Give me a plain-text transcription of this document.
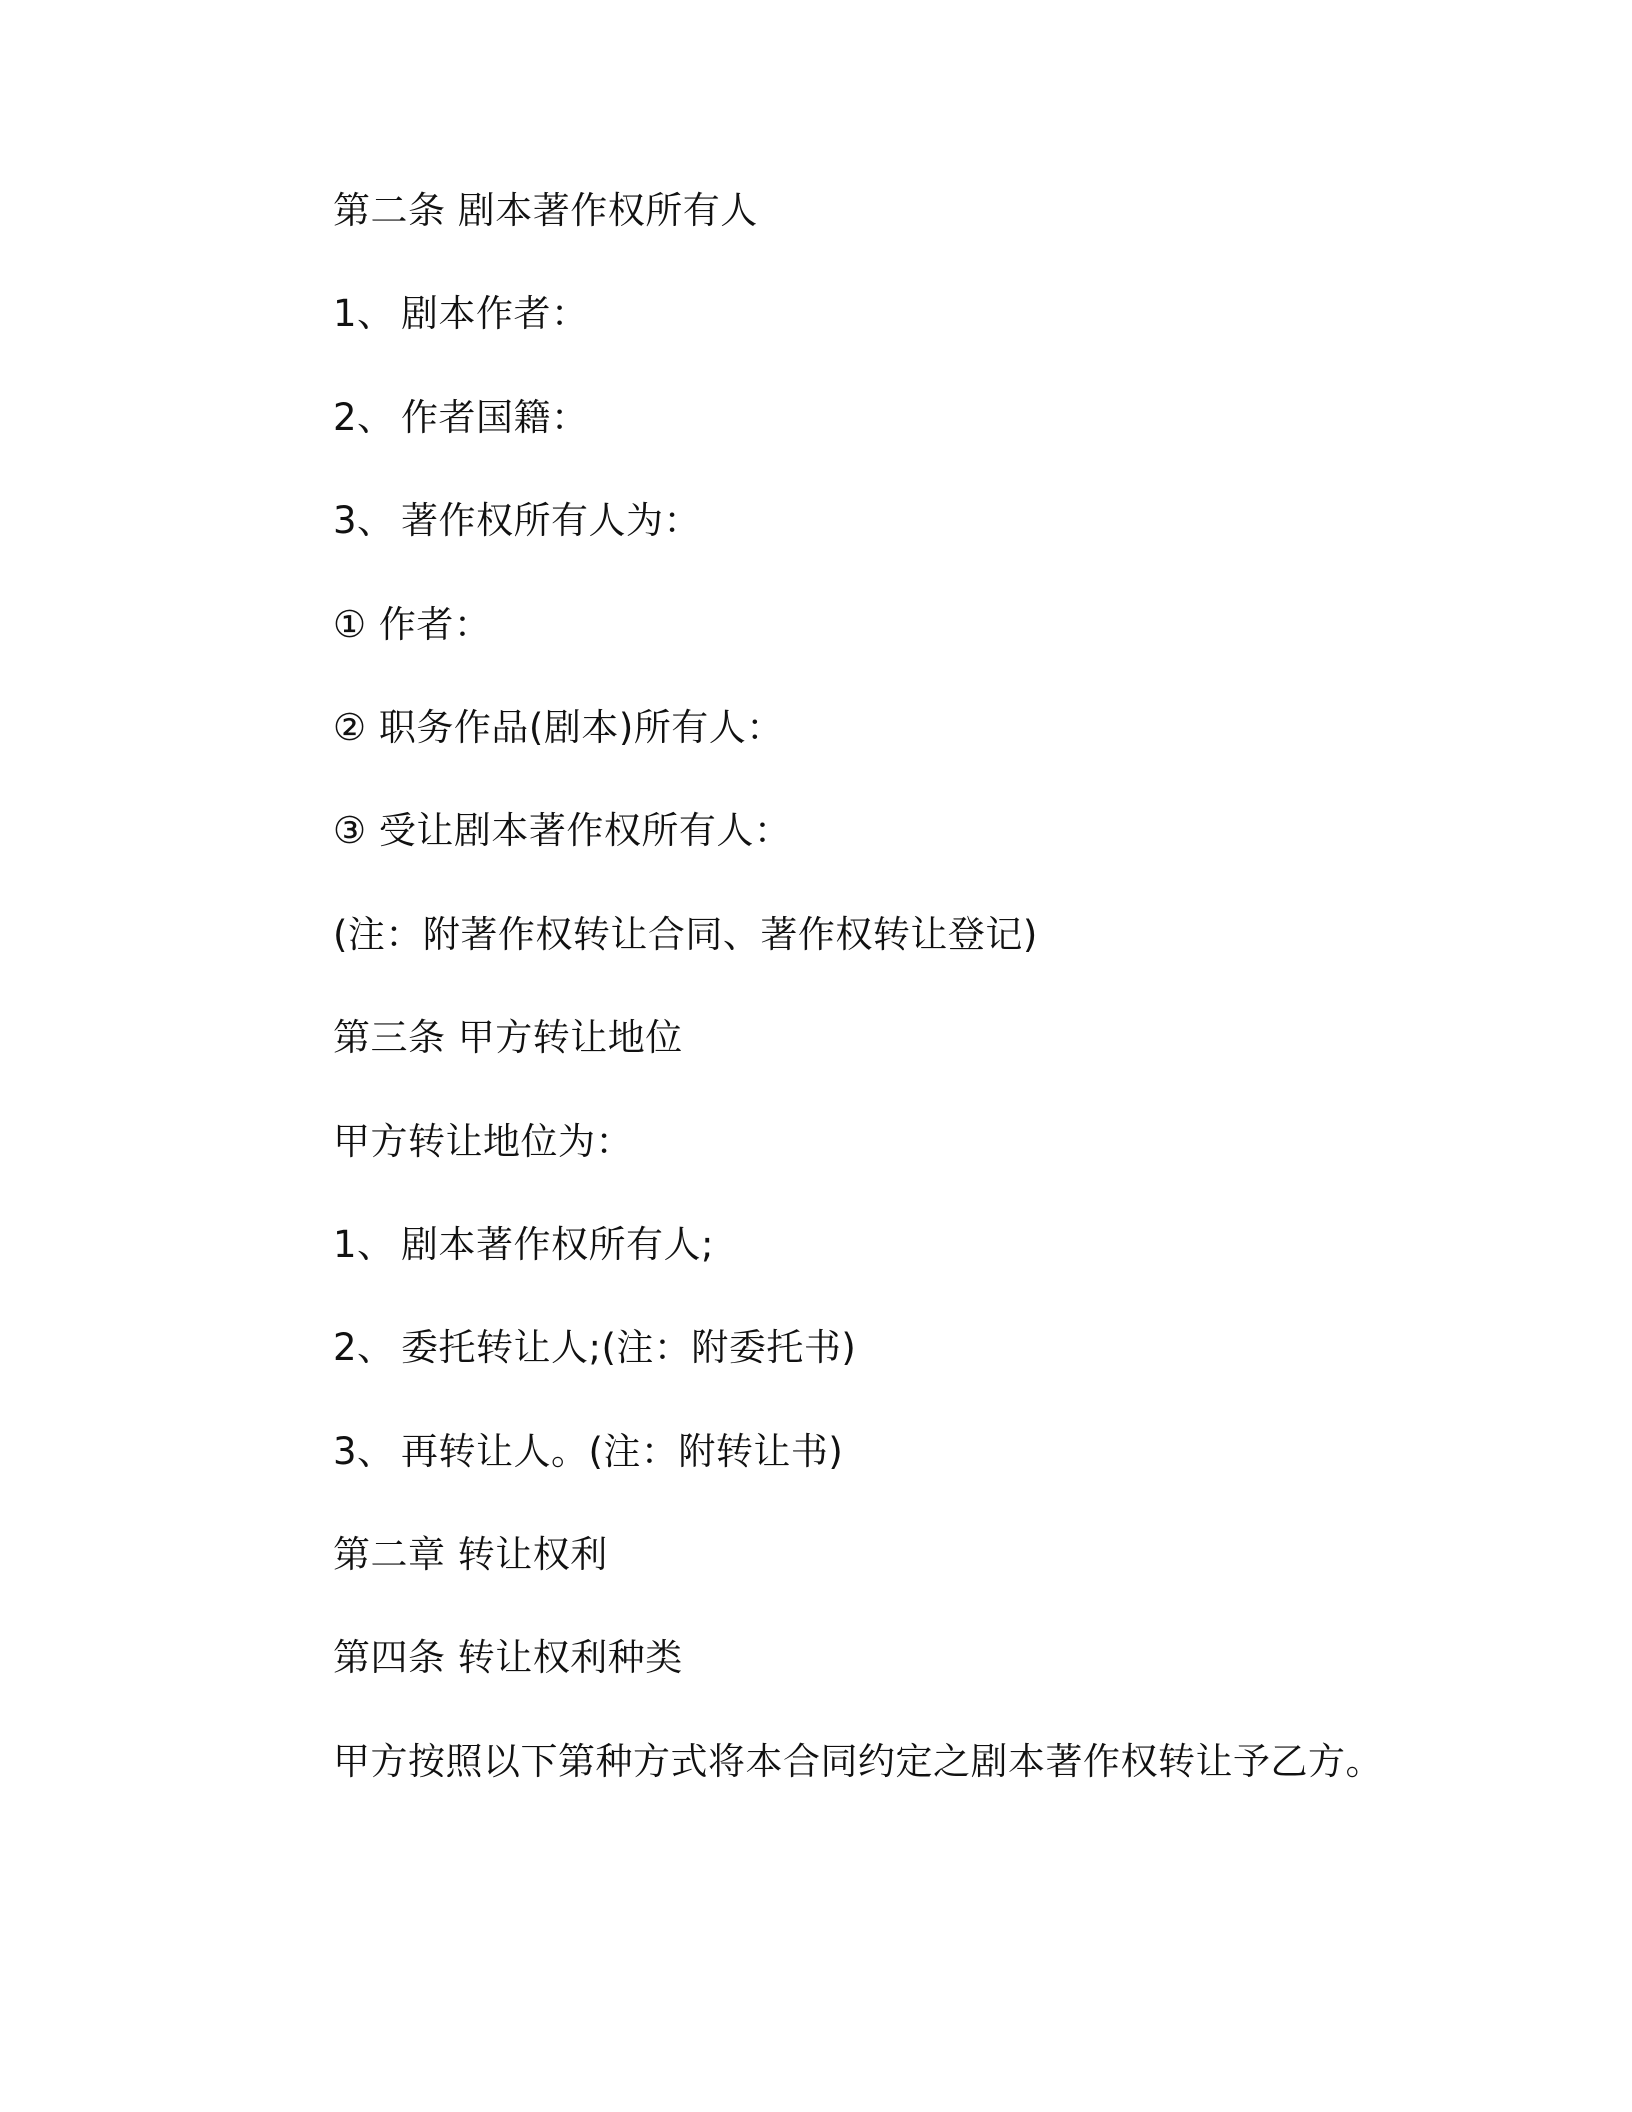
第二条 剧本著作权所有人
1、 剧本作者：
2、 作者国籍：
3、 著作权所有人为：
① 作者：
② 职务作品(剧本)所有人：
③ 受让剧本著作权所有人：
(注：附著作权转让合同、著作权转让登记)
第三条 甲方转让地位
甲方转让地位为：
1、 剧本著作权所有人;
2、 委托转让人;(注：附委托书)
3、 再转让人。(注：附转让书)
第二章 转让权利
第四条 转让权利种类
甲方按照以下第种方式将本合同约定之剧本著作权转让予乙方。
